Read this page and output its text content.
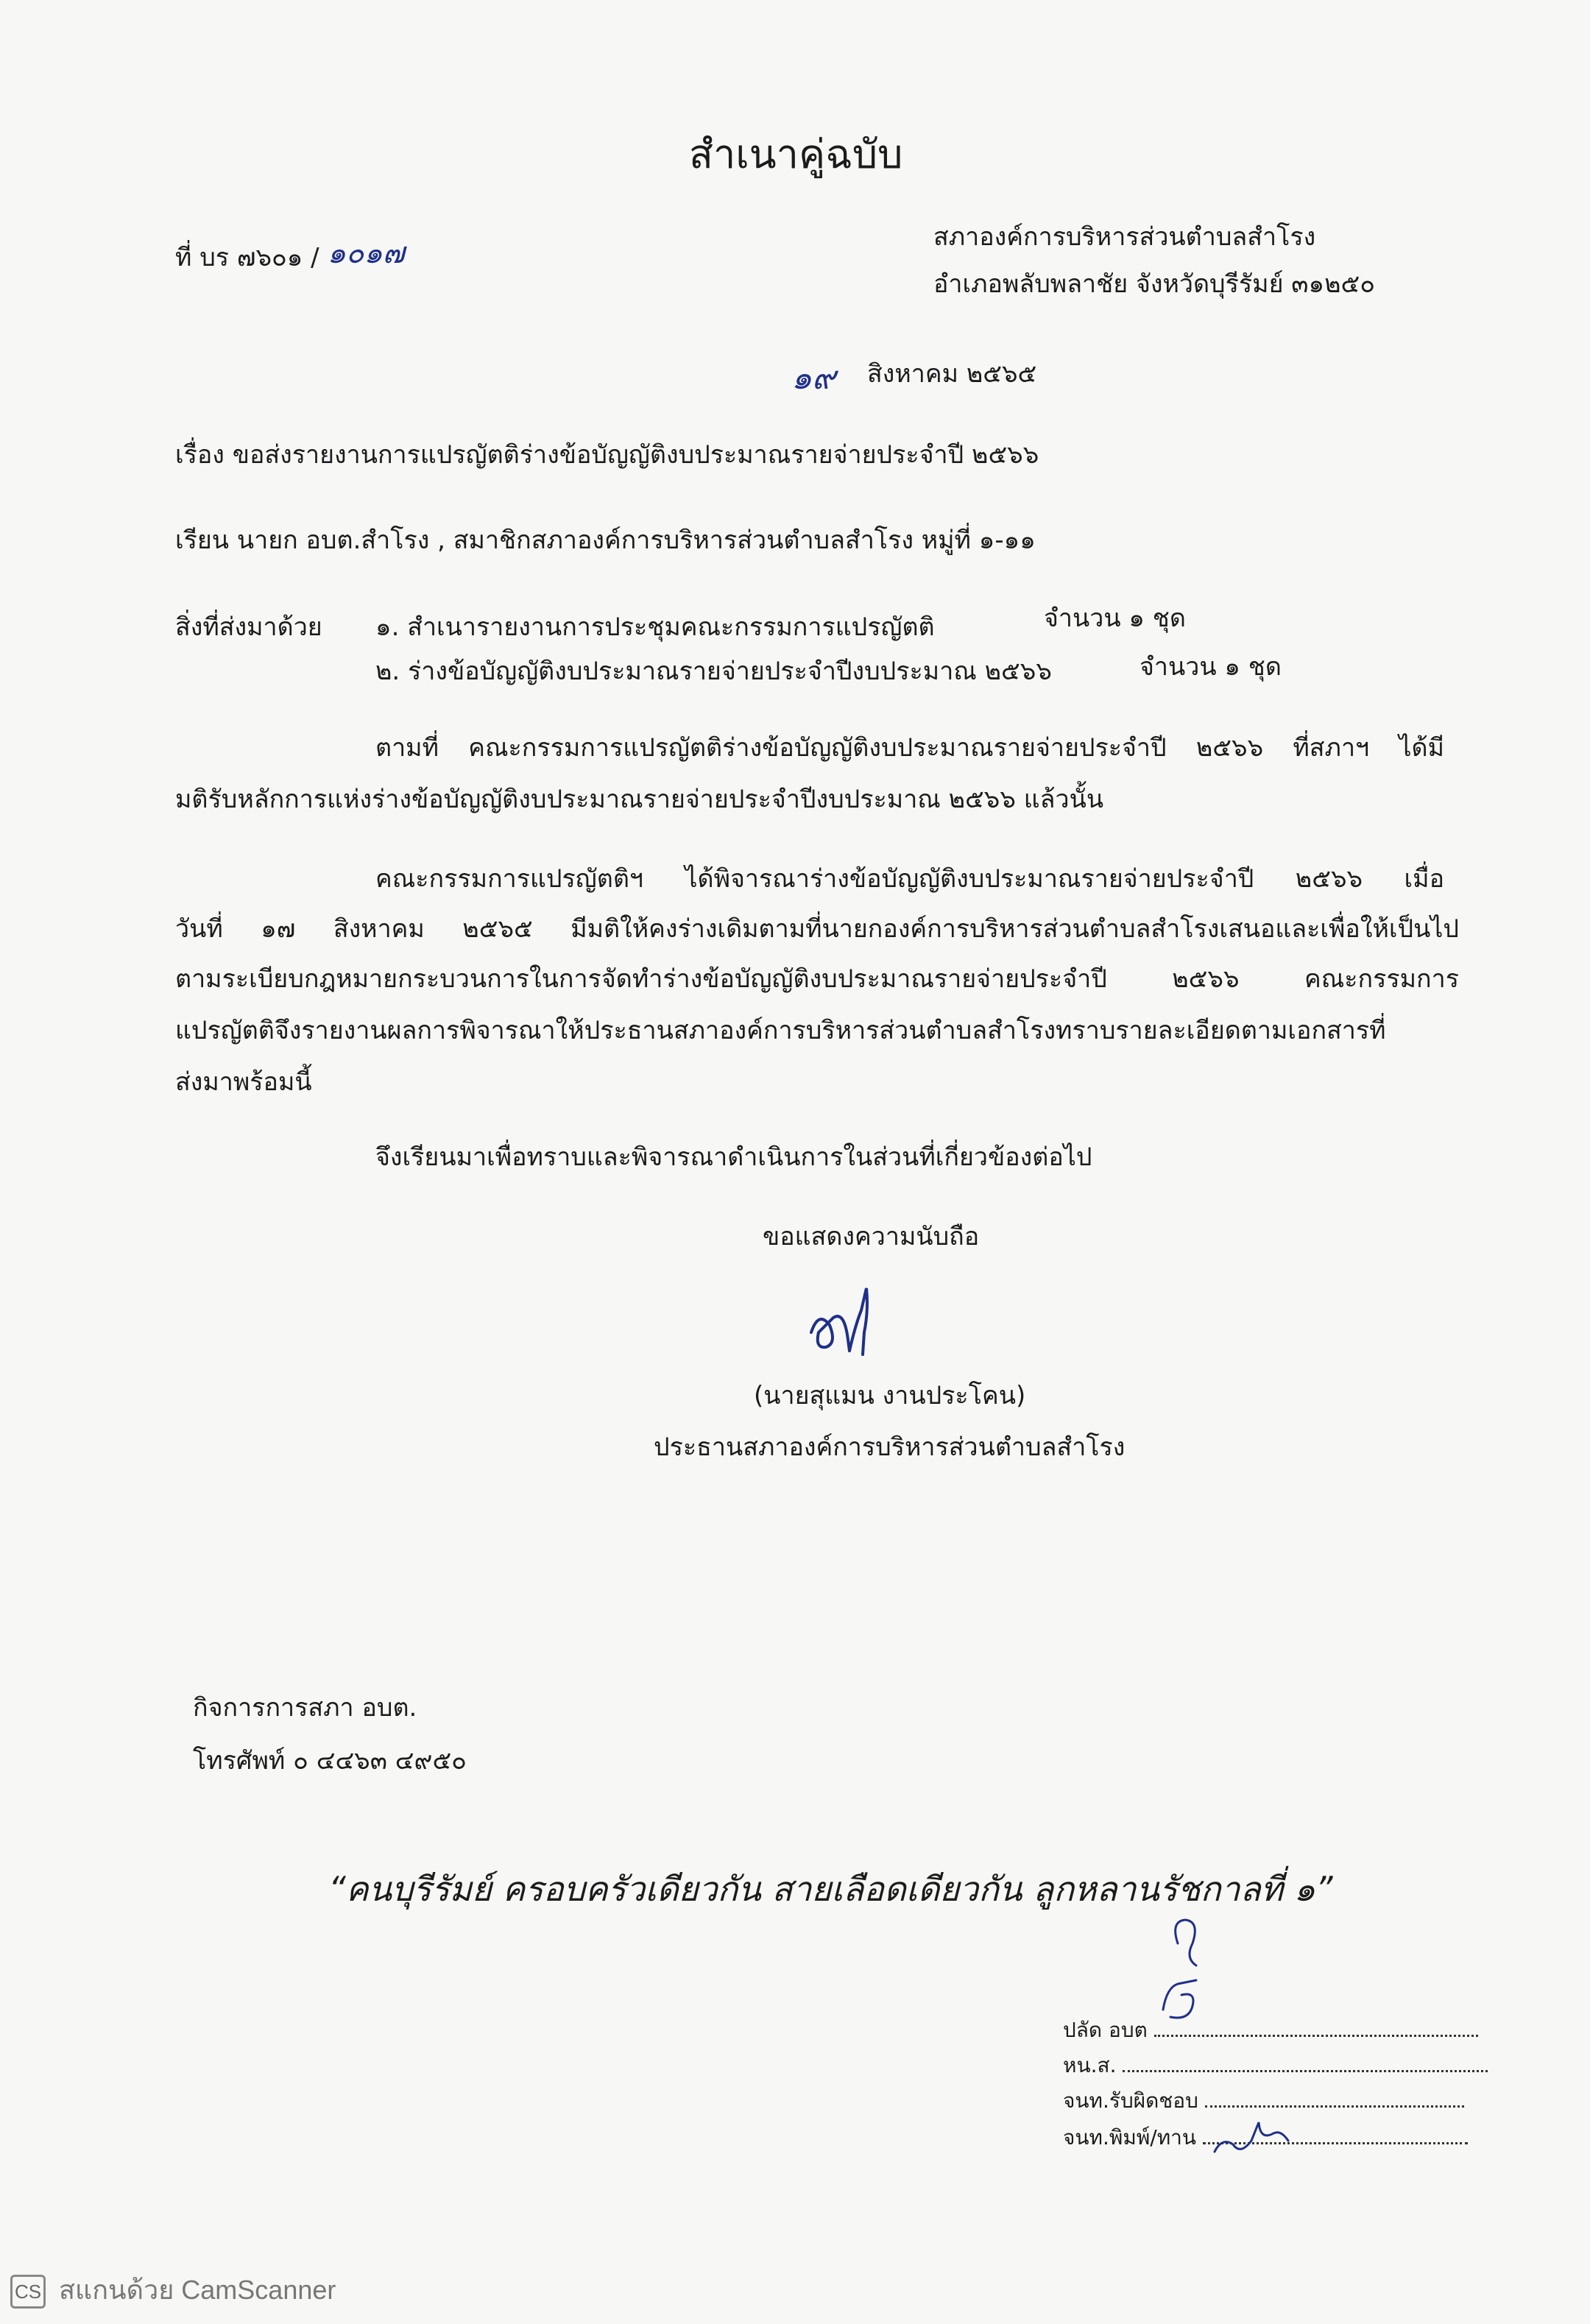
สำเนาคู่ฉบับ
ที่ บร ๗๖๐๑ / ๑๐๑๗	สภาองค์การบริหารส่วนตำบลสำโรง
อำเภอพลับพลาชัย จังหวัดบุรีรัมย์ ๓๑๒๕๐
๑๙ สิงหาคม ๒๕๖๕
เรื่อง ขอส่งรายงานการแปรญัตติร่างข้อบัญญัติงบประมาณรายจ่ายประจำปี ๒๕๖๖
เรียน นายก อบต.สำโรง , สมาชิกสภาองค์การบริหารส่วนตำบลสำโรง หมู่ที่ ๑-๑๑
สิ่งที่ส่งมาด้วย ๑. สำเนารายงานการประชุมคณะกรรมการแปรญัตติ	จำนวน ๑ ชุด
๒. ร่างข้อบัญญัติงบประมาณรายจ่ายประจำปีงบประมาณ ๒๕๖๖	จำนวน ๑ ชุด
ตามที่ คณะกรรมการแปรญัตติร่างข้อบัญญัติงบประมาณรายจ่ายประจำปี ๒๕๖๖ ที่สภาฯ ได้มี
มติรับหลักการแห่งร่างข้อบัญญัติงบประมาณรายจ่ายประจำปีงบประมาณ ๒๕๖๖ แล้วนั้น
คณะกรรมการแปรญัตติฯ ได้พิจารณาร่างข้อบัญญัติงบประมาณรายจ่ายประจำปี ๒๕๖๖ เมื่อ
วันที่ ๑๗ สิงหาคม ๒๕๖๕ มีมติให้คงร่างเดิมตามที่นายกองค์การบริหารส่วนตำบลสำโรงเสนอและเพื่อให้เป็นไป
ตามระเบียบกฎหมายกระบวนการในการจัดทำร่างข้อบัญญัติงบประมาณรายจ่ายประจำปี ๒๕๖๖ คณะกรรมการ
แปรญัตติจึงรายงานผลการพิจารณาให้ประธานสภาองค์การบริหารส่วนตำบลสำโรงทราบรายละเอียดตามเอกสารที่
ส่งมาพร้อมนี้
จึงเรียนมาเพื่อทราบและพิจารณาดำเนินการในส่วนที่เกี่ยวข้องต่อไป
ขอแสดงความนับถือ
(นายสุแมน งานประโคน)
ประธานสภาองค์การบริหารส่วนตำบลสำโรง
กิจการการสภา อบต.
โทรศัพท์ ๐ ๔๔๖๓ ๔๙๕๐
“คนบุรีรัมย์ ครอบครัวเดียวกัน สายเลือดเดียวกัน ลูกหลานรัชกาลที่ ๑”
ปลัด อบต
หน.ส.
จนท.รับผิดชอบ
จนท.พิมพ์/ทาน
CS สแกนด้วย CamScanner
